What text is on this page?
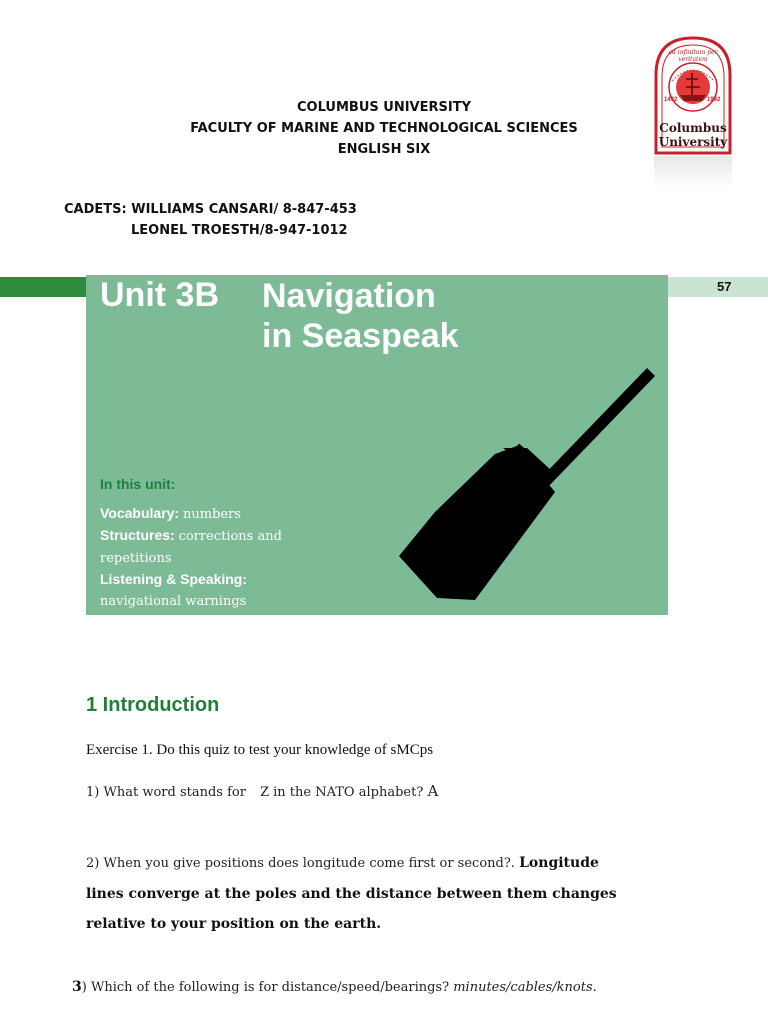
COLUMBUS UNIVERSITY
FACULTY OF MARINE AND TECHNOLOGICAL SCIENCES
ENGLISH SIX
CADETS: WILLIAMS CANSARI/ 8-847-453
LEONEL TROESTH/8-947-1012
ad infinitum per veritatem
1492	1992
Columbus
University
57
Unit 3B Navigation
in Seaspeak
In this unit:
Vocabulary: numbers
Structures: corrections and repetitions
Listening & Speaking:
navigational warnings
1 Introduction
Exercise 1. Do this quiz to test your knowledge of sMCps
1) What word stands for Z in the NATO alphabet? A
2) When you give positions does longitude come first or second?. Longitude
lines converge at the poles and the distance between them changes
relative to your position on the earth.
3) Which of the following is for distance/speed/bearings? minutes/cables/knots.
